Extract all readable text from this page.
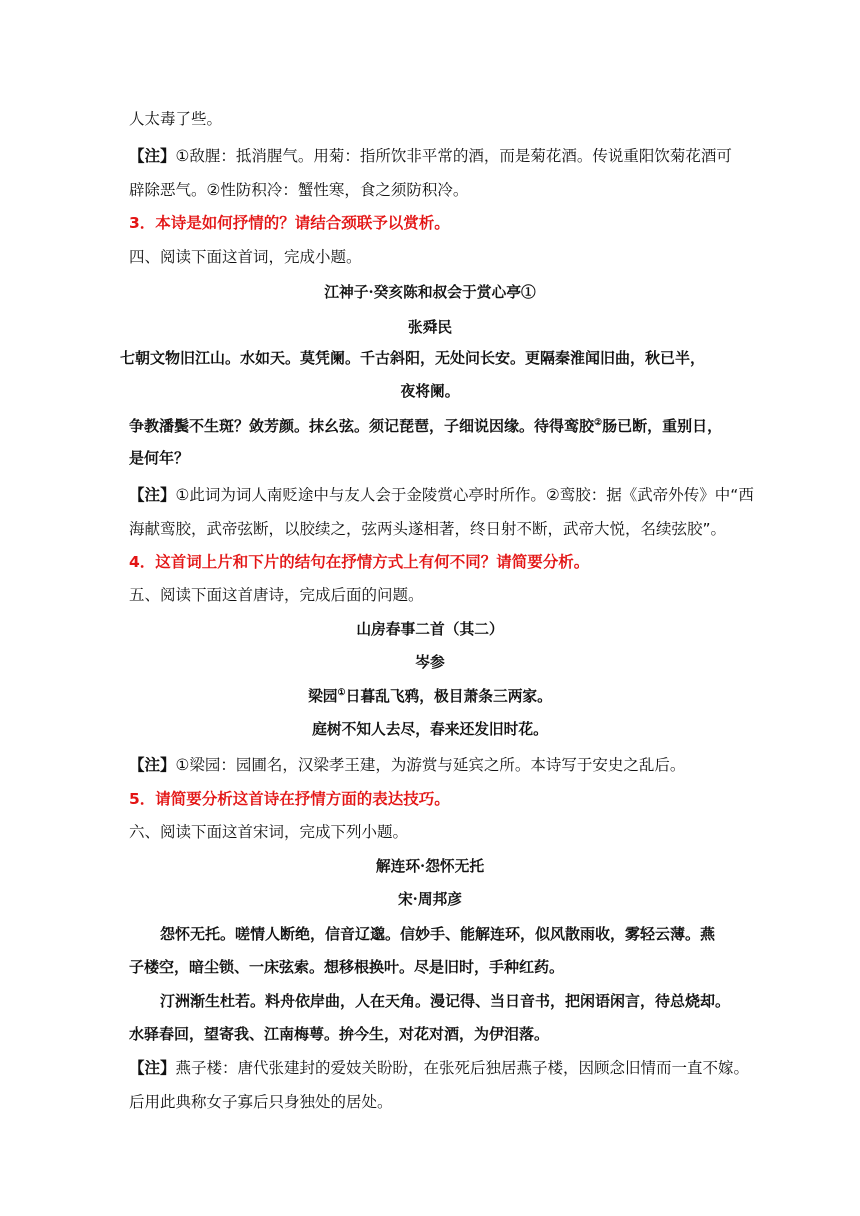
人太毒了些。

【注】①敌腥：抵消腥气。用菊：指所饮非平常的酒，而是菊花酒。传说重阳饮菊花酒可

辟除恶气。②性防积冷：蟹性寒，食之须防积冷。

3．本诗是如何抒情的？请结合颈联予以赏析。

四、阅读下面这首词，完成小题。

江神子·癸亥陈和叔会于赏心亭①

张舜民

七朝文物旧江山。水如天。莫凭阑。千古斜阳，无处问长安。更隔秦淮闻旧曲，秋已半，

夜将阑。

争教潘鬓不生斑？敛芳颜。抹幺弦。须记琵琶，子细说因缘。待得鸾胶②肠已断，重别日，

是何年？

【注】①此词为词人南贬途中与友人会于金陵赏心亭时所作。②鸾胶：据《武帝外传》中“西

海献鸾胶，武帝弦断，以胶续之，弦两头遂相著，终日射不断，武帝大悦，名续弦胶”。

4．这首词上片和下片的结句在抒情方式上有何不同？请简要分析。

五、阅读下面这首唐诗，完成后面的问题。

山房春事二首（其二）

岑参

梁园①日暮乱飞鸦，极目萧条三两家。

庭树不知人去尽，春来还发旧时花。

【注】①梁园：园圃名，汉梁孝王建，为游赏与延宾之所。本诗写于安史之乱后。

5．请简要分析这首诗在抒情方面的表达技巧。

六、阅读下面这首宋词，完成下列小题。

解连环·怨怀无托

宋·周邦彦

怨怀无托。嗟情人断绝，信音辽邈。信妙手、能解连环，似风散雨收，雾轻云薄。燕

子楼空，暗尘锁、一床弦索。想移根换叶。尽是旧时，手种红药。

汀洲渐生杜若。料舟依岸曲，人在天角。漫记得、当日音书，把闲语闲言，待总烧却。

水驿春回，望寄我、江南梅萼。拚今生，对花对酒，为伊泪落。

【注】燕子楼：唐代张建封的爱妓关盼盼，在张死后独居燕子楼，因顾念旧情而一直不嫁。

后用此典称女子寡后只身独处的居处。
